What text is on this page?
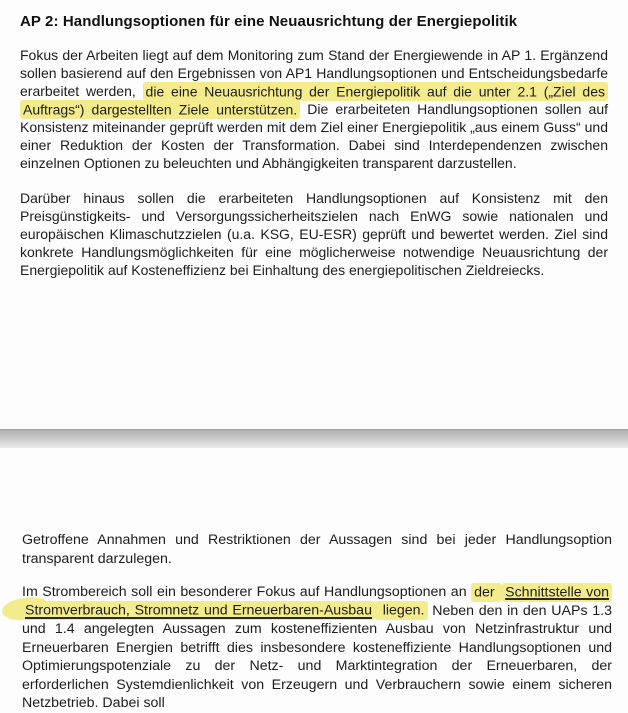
AP 2: Handlungsoptionen für eine Neuausrichtung der Energiepolitik

Fokus der Arbeiten liegt auf dem Monitoring zum Stand der Energiewende in AP 1. Ergänzend sollen basierend auf den Ergebnissen von AP1 Handlungsoptionen und Entscheidungsbedarfe erarbeitet werden, die eine Neuausrichtung der Energiepolitik auf die unter 2.1 („Ziel des Auftrags“) dargestellten Ziele unterstützen. Die erarbeiteten Handlungsoptionen sollen auf Konsistenz miteinander geprüft werden mit dem Ziel einer Energiepolitik „aus einem Guss“ und einer Reduktion der Kosten der Transformation. Dabei sind Interdependenzen zwischen einzelnen Optionen zu beleuchten und Abhängigkeiten transparent darzustellen.

Darüber hinaus sollen die erarbeiteten Handlungsoptionen auf Konsistenz mit den Preisgünstigkeits- und Versorgungssicherheitszielen nach EnWG sowie nationalen und europäischen Klimaschutzzielen (u.a. KSG, EU-ESR) geprüft und bewertet werden. Ziel sind konkrete Handlungsmöglichkeiten für eine möglicherweise notwendige Neuausrichtung der Energiepolitik auf Kosteneffizienz bei Einhaltung des energiepolitischen Zieldreiecks.

Getroffene Annahmen und Restriktionen der Aussagen sind bei jeder Handlungsoption transparent darzulegen.

Im Strombereich soll ein besonderer Fokus auf Handlungsoptionen an der Schnittstelle von Stromverbrauch, Stromnetz und Erneuerbaren-Ausbau liegen. Neben den in den UAPs 1.3 und 1.4 angelegten Aussagen zum kosteneffizienten Ausbau von Netzinfrastruktur und Erneuerbaren Energien betrifft dies insbesondere kosteneffiziente Handlungsoptionen und Optimierungspotenziale zu der Netz- und Marktintegration der Erneuerbaren, der erforderlichen Systemdienlichkeit von Erzeugern und Verbrauchern sowie einem sicheren Netzbetrieb. Dabei soll
